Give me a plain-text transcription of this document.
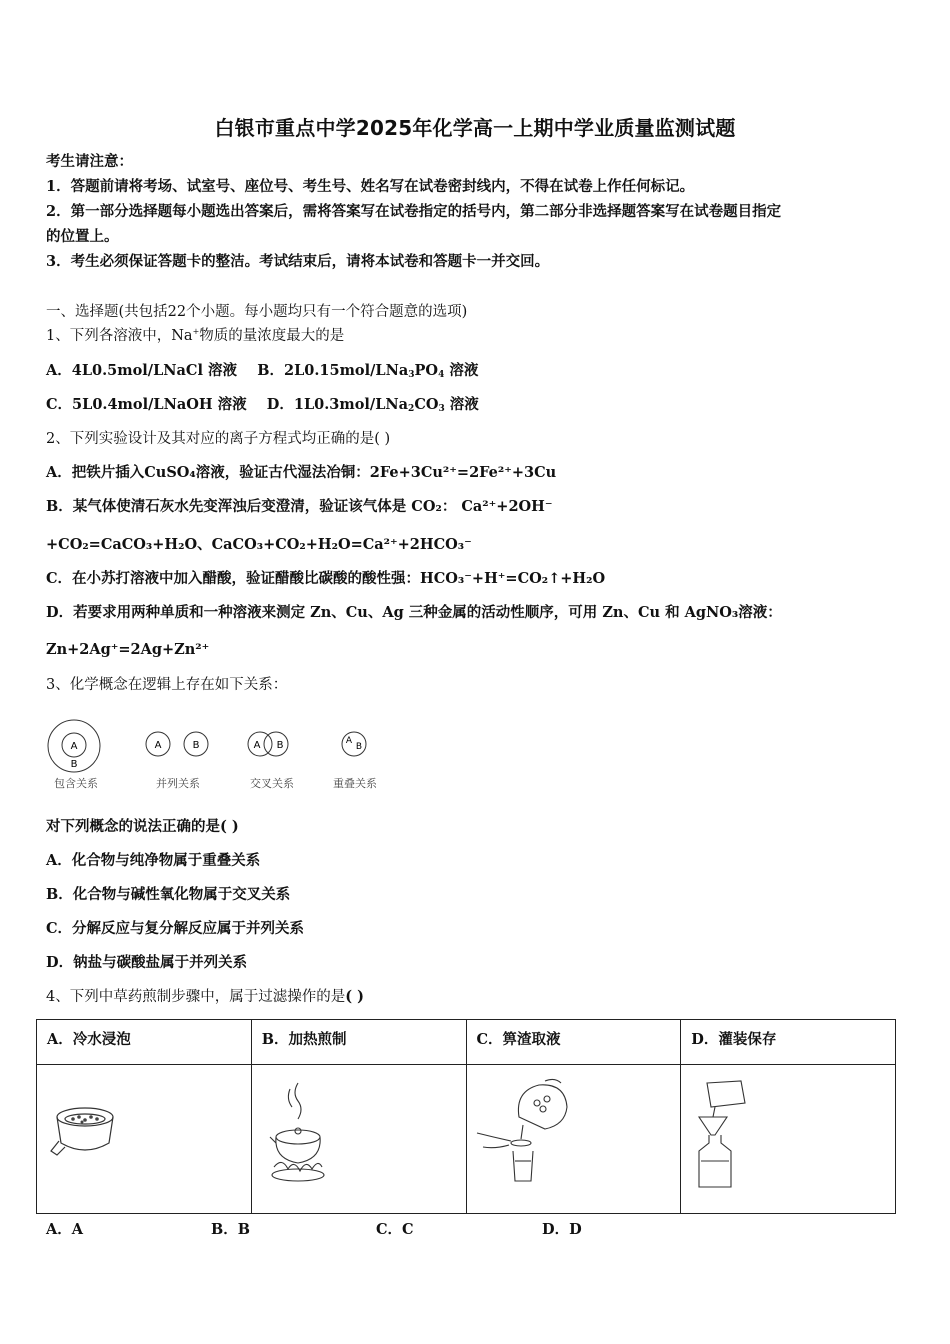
白银市重点中学2025年化学高一上期中学业质量监测试题
考生请注意：
1．答题前请将考场、试室号、座位号、考生号、姓名写在试卷密封线内，不得在试卷上作任何标记。
2．第一部分选择题每小题选出答案后，需将答案写在试卷指定的括号内，第二部分非选择题答案写在试卷题目指定
的位置上。
3．考生必须保证答题卡的整洁。考试结束后，请将本试卷和答题卡一并交回。
一、选择题(共包括22个小题。每小题均只有一个符合题意的选项)
1、下列各溶液中，Na+物质的量浓度最大的是
A．4L0.5mol/LNaCl 溶液 B．$2L0.15mol/LNa_3PO_4$ 溶液
C．5L0.4mol/LNaOH 溶液 D．$1L0.3mol/LNa_2CO_3$ 溶液
2、下列实验设计及其对应的离子方程式均正确的是( )
A．把铁片插入CuSO₄溶液，验证古代湿法冶铜：2Fe+3Cu²⁺=2Fe²⁺+3Cu
B．某气体使清石灰水先变浑浊后变澄清，验证该气体是 CO₂： Ca²⁺+2OH⁻
+CO₂=CaCO₃+H₂O、CaCO₃+CO₂+H₂O=Ca²⁺+2HCO₃⁻
C．在小苏打溶液中加入醋酸，验证醋酸比碳酸的酸性强：HCO₃⁻+H⁺=CO₂↑+H₂O
D．若要求用两种单质和一种溶液来测定 Zn、Cu、Ag 三种金属的活动性顺序，可用 Zn、Cu 和 AgNO₃溶液：
Zn+2Ag⁺=2Ag+Zn²⁺
3、化学概念在逻辑上存在如下关系：
A
B
包含关系
A	B
并列关系
A B
交叉关系
A
B
重叠关系
对下列概念的说法正确的是( )
A．化合物与纯净物属于重叠关系
B．化合物与碱性氧化物属于交叉关系
C．分解反应与复分解反应属于并列关系
D．钠盐与碳酸盐属于并列关系
4、下列中草药煎制步骤中，属于过滤操作的是( )
A．冷水浸泡	B．加热煎制	C．箅渣取液	D．灌装保存

A．A	B．B	C．C	D．D
